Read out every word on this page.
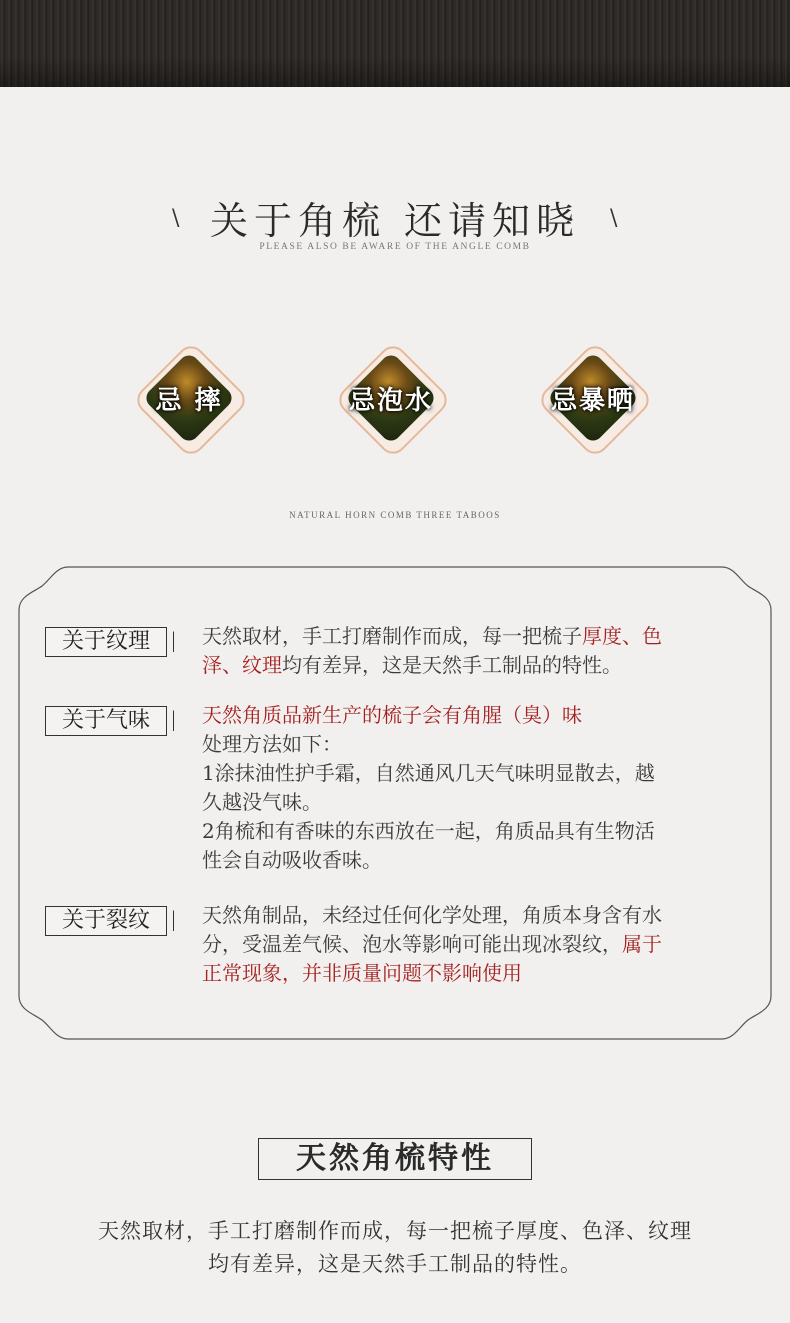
\	\
关于角梳 还请知晓
PLEASE ALSO BE AWARE OF THE ANGLE COMB
忌 摔	忌泡水	忌暴晒
NATURAL HORN COMB THREE TABOOS
关于纹理	天然取材，手工打磨制作而成，每一把梳子厚度、色
泽、纹理均有差异，这是天然手工制品的特性。
关于气味	天然角质品新生产的梳子会有角腥（臭）味
处理方法如下：
1涂抹油性护手霜，自然通风几天气味明显散去，越
久越没气味。
2角梳和有香味的东西放在一起，角质品具有生物活
性会自动吸收香味。
关于裂纹	天然角制品，未经过任何化学处理，角质本身含有水
分，受温差气候、泡水等影响可能出现冰裂纹，属于
正常现象，并非质量问题不影响使用
天然角梳特性
天然取材，手工打磨制作而成，每一把梳子厚度、色泽、纹理
均有差异，这是天然手工制品的特性。
